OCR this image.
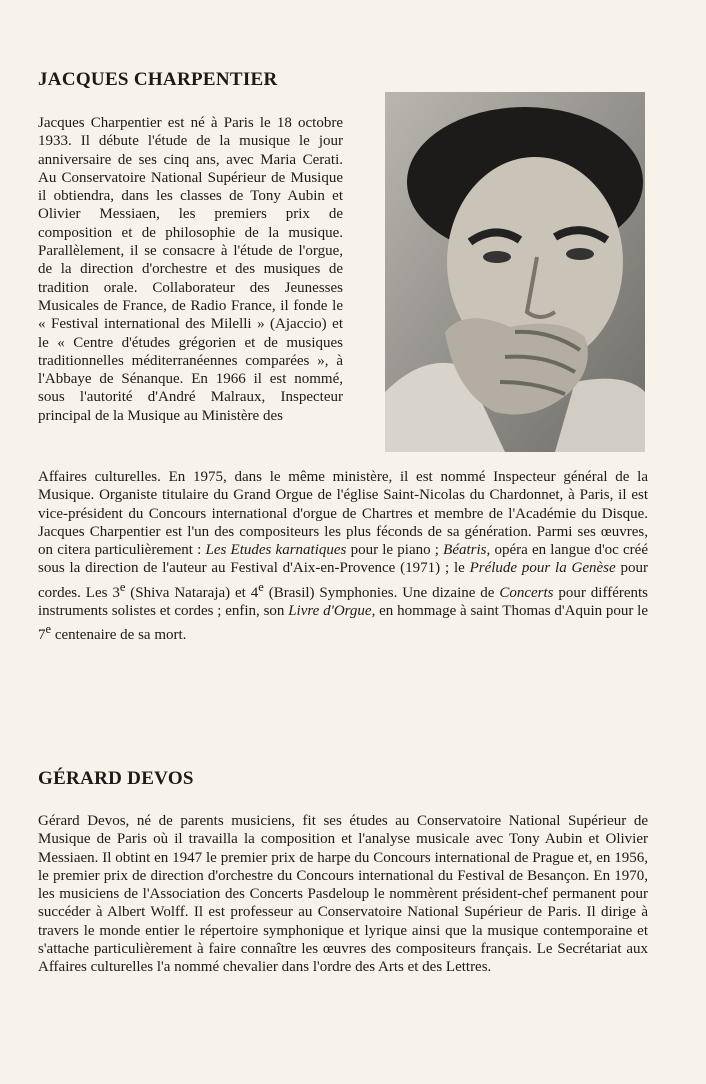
JACQUES CHARPENTIER

Jacques Charpentier est né à Paris le 18 octobre 1933. Il débute l'étude de la musique le jour anniversaire de ses cinq ans, avec Maria Cerati. Au Conservatoire National Supérieur de Musique il obtiendra, dans les classes de Tony Aubin et Olivier Messiaen, les premiers prix de composition et de philosophie de la musique. Parallèlement, il se consacre à l'étude de l'orgue, de la direction d'orchestre et des musiques de tradition orale. Collaborateur des Jeunesses Musicales de France, de Radio France, il fonde le « Festival international des Milelli » (Ajaccio) et le « Centre d'études grégorien et de musiques traditionnelles méditerranéennes comparées », à l'Abbaye de Sénanque. En 1966 il est nommé, sous l'autorité d'André Malraux, Inspecteur principal de la Musique au Ministère des

Affaires culturelles. En 1975, dans le même ministère, il est nommé Inspecteur général de la Musique. Organiste titulaire du Grand Orgue de l'église Saint-Nicolas du Chardonnet, à Paris, il est vice-président du Concours international d'orgue de Chartres et membre de l'Académie du Disque. Jacques Charpentier est l'un des compositeurs les plus féconds de sa génération. Parmi ses œuvres, on citera particulièrement : Les Etudes karnatiques pour le piano ; Béatris, opéra en langue d'oc créé sous la direction de l'auteur au Festival d'Aix-en-Provence (1971) ; le Prélude pour la Genèse pour cordes. Les 3e (Shiva Nataraja) et 4e (Brasil) Symphonies. Une dizaine de Concerts pour différents instruments solistes et cordes ; enfin, son Livre d'Orgue, en hommage à saint Thomas d'Aquin pour le 7e centenaire de sa mort.

GÉRARD DEVOS

Gérard Devos, né de parents musiciens, fit ses études au Conservatoire National Supérieur de Musique de Paris où il travailla la composition et l'analyse musicale avec Tony Aubin et Olivier Messiaen. Il obtint en 1947 le premier prix de harpe du Concours international de Prague et, en 1956, le premier prix de direction d'orchestre du Concours international du Festival de Besançon. En 1970, les musiciens de l'Association des Concerts Pasdeloup le nommèrent président-chef permanent pour succéder à Albert Wolff. Il est professeur au Conservatoire National Supérieur de Paris. Il dirige à travers le monde entier le répertoire symphonique et lyrique ainsi que la musique contemporaine et s'attache particulièrement à faire connaître les œuvres des compositeurs français. Le Secrétariat aux Affaires culturelles l'a nommé chevalier dans l'ordre des Arts et des Lettres.
